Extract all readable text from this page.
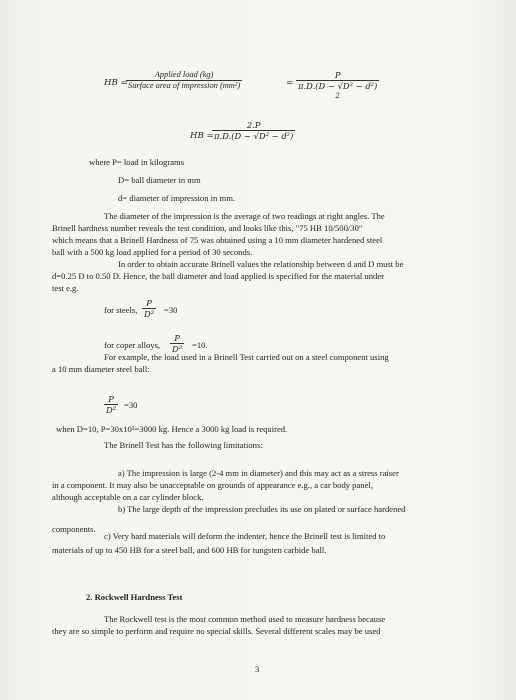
HB =
Applied load (kg)
Surface area of impression (mm²)	=
P
π.D.(D − √D² − d²)
2
HB =
$\frac{2.P}{\text{π.D.(D − √D² − d²)}}$
where P= load in kilograms
D= ball diameter in mm
d= diameter of impression in mm.
The diameter of the impression is the average of two readings at right angles. The
Brinell hardness number reveals the test condition, and looks like this, "75 HB 10/500/30"
which means that a Brinell Hardness of 75 was obtained using a 10 mm diameter hardened steel
ball with a 500 kg load applied for a period of 30 seconds.
In order to obtain accurate Brinell values the relationship between d and D must be
d=0.25 D to 0.50 D. Hence, the ball diameter and load applied is specified for the material under
test e.g.
for steels, $\frac{P}{\text{D²}} =30$
for coper alloys, $\frac{P}{\text{D²}} =10$.
For example, the load used in a Brinell Test carried out on a steel component using
a 10 mm diameter steel ball:
$\frac{P}{\text{D²}} =30$
when D=10, P=30x10²=3000 kg. Hence a 3000 kg load is required.
The Brinell Test has the following limitations:
a) The impression is large (2-4 mm in diameter) and this may act as a stress raiser
in a component. It may also be unacceptable on grounds of appearance e.g., a car body panel,
although acceptable on a car cylinder block.
b) The large depth of the impression precludes its use on plated or surface hardened
components.
c) Very hard materials will deform the indenter, hence the Brinell test is limited to
materials of up to 450 HB for a steel ball, and 600 HB for tungsten carbide ball.
2. Rockwell Hardness Test
The Rockwell test is the most common method used to measure hardness because
they are so simple to perform and require no special skills. Several different scales may be used
3
